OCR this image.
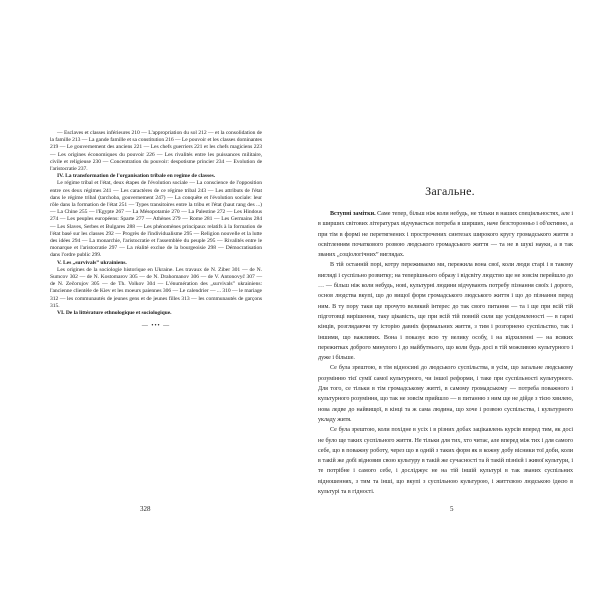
— Esclaves et classes inférieures 210 — L'appropriation du sol 212 — et la consolidation de la famille 213 — La gande famille et sa constitution 216 — Le pouvoir et les classes dominantes 219 — Le gouvernement des anciens 221 — Les chefs guerriers 221 et les chefs magiciens 223 — Les origines économiques du pouvoir 226 — Les rivalités entre les puissances militaire, civile et religieuse 230 — Concentration du pouvoir: despotisme princier 234 — Evolution de l'aristocratie 237.

IV. La transformation de l'organisation tribale en regime de classes.

Le régime tribal et l'état, deux étapes de l'évolution sociale — La conscience de l'opposition entre ces deux régimes 241 — Les caractères de ce régime tribal 243 — Les attributs de l'état dans le régime tribal (tarchoba, gouvernement 247) — La conquête et l'évolution sociale: leur rôle dans la formation de l'état 251 — Types transitoires entre la tribu et l'état (haut rang des ...) — La Chine 255 — l'Egypte 267 — La Mésopotamie 270 — La Palestine 272 — Les Hindous 274 — Les peuples européens: Sparte 277 — Athènes 279 — Rome 281 — Les Germains 284 — Les Slaves, Serbes et Bulgares 288 — Les phénomènes principaux relatifs à la formation de l'état basé sur les classes 292 — Progrès de l'individualisme 295 — Religion nouvelle et la lutte des idées 294 — La monarchie, l'aristocratie et l'assemblée du peuple 295 — Rivalités entre le monarque et l'aristocratie 297 — La réalité exclue de la bourgeoisie 298 — Démocratisation dans l'ordre public 299.

V. Les „survivals” ukrainiens.

Les origines de la sociologie historique en Ukraine. Les travaux de N. Ziber 301 — de N. Sumcov 302 — de N. Kostomarov 305 — de N. Drahomanov 306 — de V. Antonovyč 307 — de N. Zečorujov 305 — de Th. Volkov 304 — L'énumération des „survivals” ukrainiens: l'ancienne clientèle de Kiev et les moeurs paiennes 306 — Le calendrier — ... 310 — le mariage 312 — les communautés de jeunes gens et de jeunes filles 313 — les communautés de garçons 315.

VI. De la littérature ethnologique et sociologique.

— ••• —
328
Загальне.

Вступні замітки. Саме тепер, більш ніж коли небудь, не тільки в наших спеціяльностях, але і в ширших світових літературах відчувається потреба в ширших, наче безсторонньо і об'єктивно, а при тім в формі не перетягнених і прострочених синтезах широкого кругу громадського життя з освітленням початкового розвою людського громадського життя — та не в шукі науки, а в так званих „соціологічних” виглядах.

В тій останній порі, котру переживаємо ми, пережила вона свої, коли люди старі і в такому вигляді і суспільно розвитку; на теперішнього образу і відсвіту людство ще не зовсім перейшло до … — більш ніж коли небудь, нові, культурні людини відчувають потребу пізнання своїх і дорого, основ людства вкупі, що до вищої форм громадського людського життя і що до пізнання перед ним. В ту пору таки ще прочуто великий інтерес до так свого питання — та і ще при всій тій підготовці вирішення, таку цікавість, ще при всій тій повній сили ще усвідомленості — в гарні кінців, розглядаючи ту історію давніх формальних життя, з тим і розгорнено суспільство, так і іншими, що важливих. Вона і показує всю ту велику особу, і на відхиленні — на всяких пережитках доброго минулого і до майбутнього, що коли будь досі в тій можливою культурного і дуже і більше.

Се була зрештою, в тім відносині до людського суспільства, в усім, що загальне людському розумінню тієї сумії самої культурного, чи іншої реформи, і таке при суспільності культурного. Для того, се тільки в тім громадському житті, в самому громадському — потреба поважного і культурного розуміння, що так не зовсім прийшло — в питанню з ним ще не дійде з тією хвилею, нова ледве до найвищої, в кінці та ж сама людина, що хоче і розвою суспільства, і культурного укладу житя.

Се була зрештою, коли похідне в усіх і в різних добах зацікавлень курсів вперед тим, як досі не було ще таких суспільного життя. Не тільки для тих, хто читає, але вперед між тих і для самого себе, що в поважну роботу, через що в одній з таких форм як в кожну добу вісники тої доби, коли в такій же добі відновив свою культуру в такій же сучасності та й такій пізнієй і живої культури, і те потрібне і самого себе, і досліджує не на тій іншій культурі в так званих суспільних відношеннях, з тим та інші, що вкупі з суспільною культурою, і життєвою людською ідеєю в культурі та в гідності.

5
